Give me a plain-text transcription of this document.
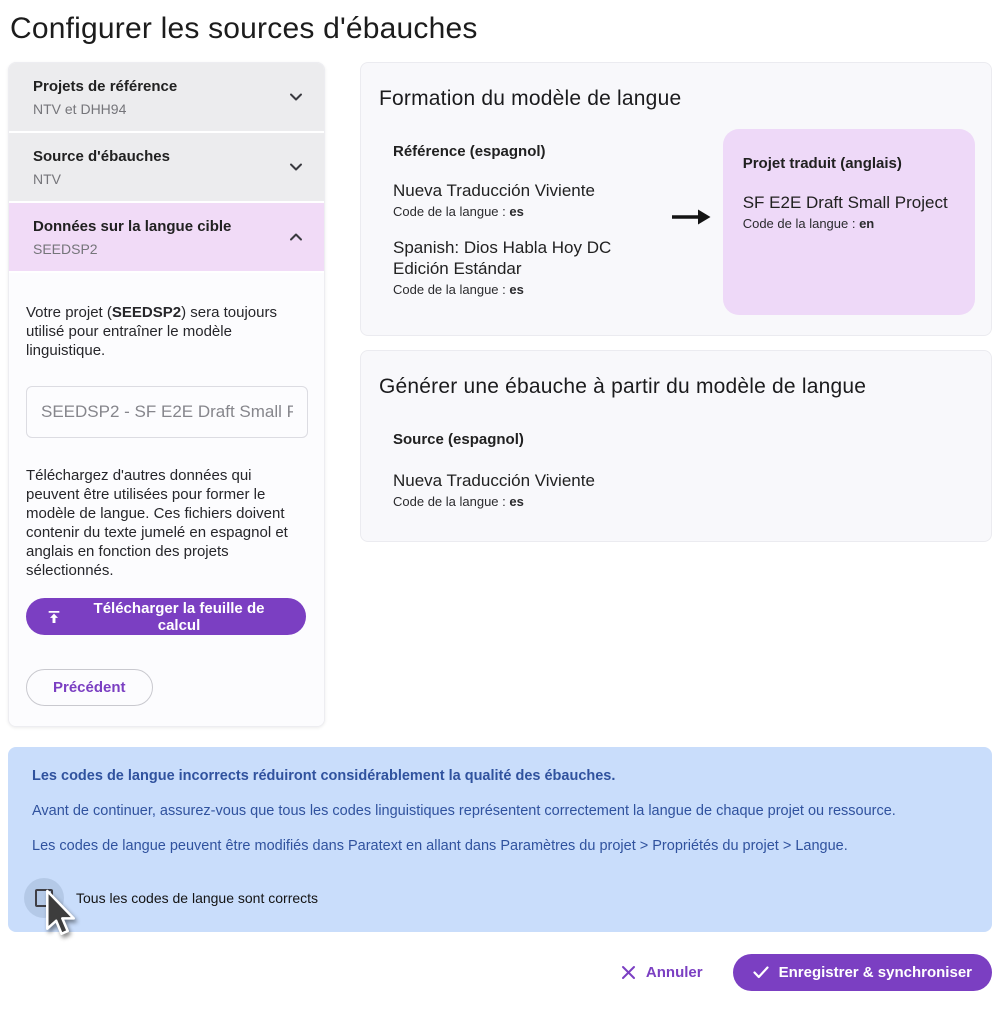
Configurer les sources d'ébauches
Projets de référence
NTV et DHH94
Source d'ébauches
NTV
Données sur la langue cible
SEEDSP2

Votre projet (SEEDSP2) sera toujours utilisé pour entraîner le modèle linguistique.

SEEDSP2 - SF E2E Draft Small Project

Téléchargez d'autres données qui peuvent être utilisées pour former le modèle de langue. Ces fichiers doivent contenir du texte jumelé en espagnol et anglais en fonction des projets sélectionnés.

Télécharger la feuille de calcul
Précédent
Formation du modèle de langue
Référence (espagnol)
Nueva Traducción Viviente
Code de la langue : es
Spanish: Dios Habla Hoy DC Edición Estándar
Code de la langue : es
Projet traduit (anglais)
SF E2E Draft Small Project
Code de la langue : en
Générer une ébauche à partir du modèle de langue
Source (espagnol)
Nueva Traducción Viviente
Code de la langue : es

Les codes de langue incorrects réduiront considérablement la qualité des ébauches.

Avant de continuer, assurez-vous que tous les codes linguistiques représentent correctement la langue de chaque projet ou ressource.

Les codes de langue peuvent être modifiés dans Paratext en allant dans Paramètres du projet > Propriétés du projet > Langue.

Tous les codes de langue sont corrects
Annuler	Enregistrer & synchroniser
